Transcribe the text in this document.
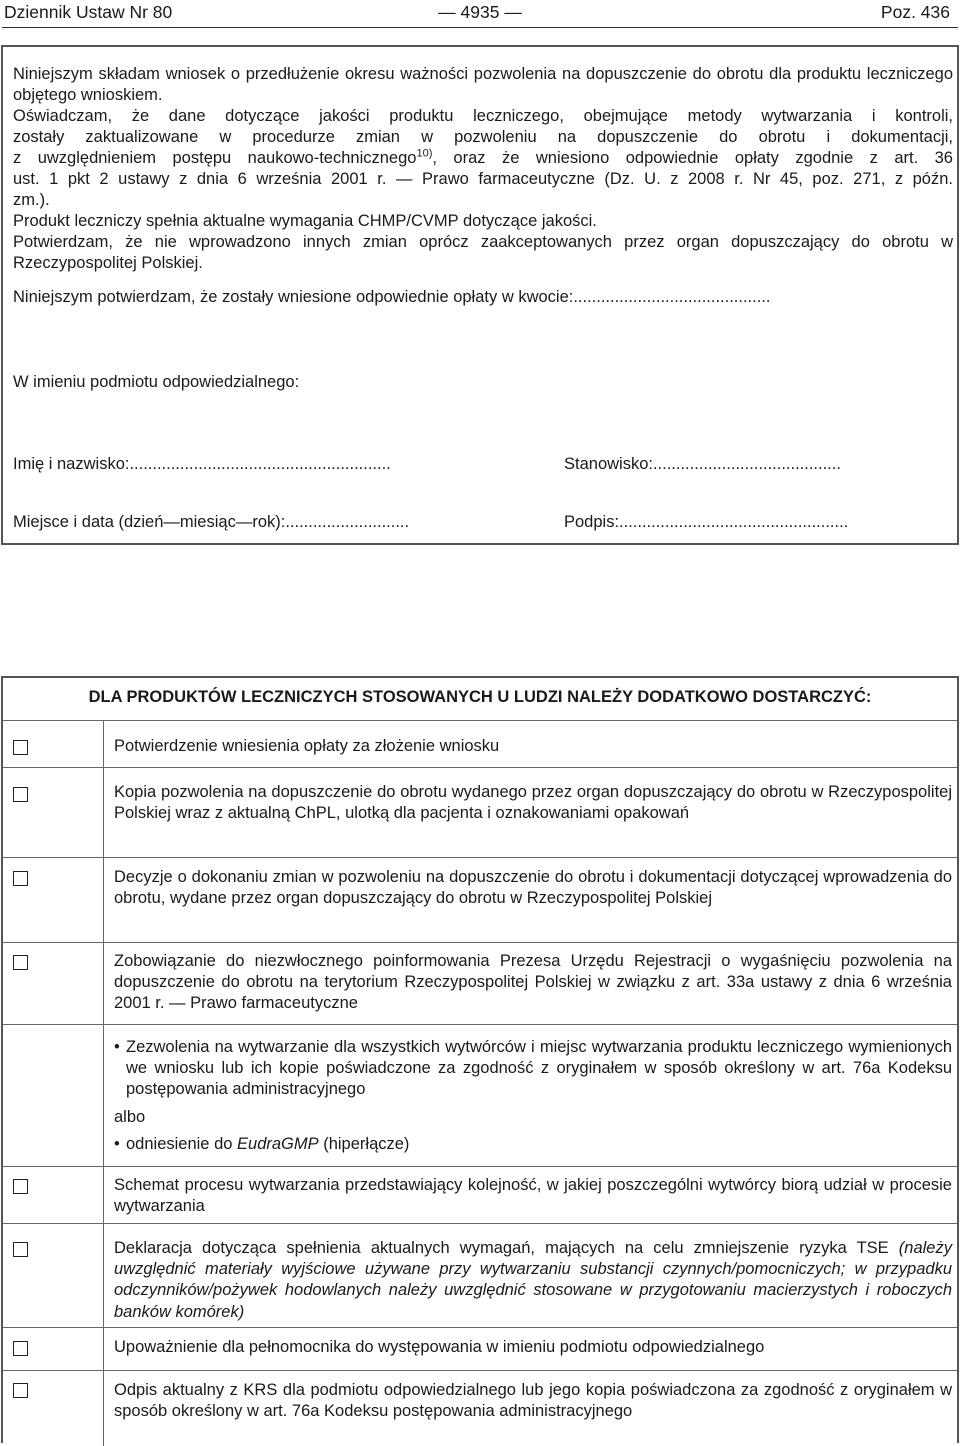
Dziennik Ustaw Nr 80	— 4935 —	Poz. 436

Niniejszym składam wniosek o przedłużenie okresu ważności pozwolenia na dopuszczenie do obrotu dla produktu leczniczego objętego wnioskiem.

Oświadczam, że dane dotyczące jakości produktu leczniczego, obejmujące metody wytwarzania i kontroli,

zostały zaktualizowane w procedurze zmian w pozwoleniu na dopuszczenie do obrotu i dokumentacji,

z uwzględnieniem postępu naukowo-technicznego$^{10)}$, oraz że wniesiono odpowiednie opłaty zgodnie z art. 36

ust. 1 pkt 2 ustawy z dnia 6 września 2001 r. — Prawo farmaceutyczne (Dz. U. z 2008 r. Nr 45, poz. 271, z późn.

zm.).

Produkt leczniczy spełnia aktualne wymagania CHMP/CVMP dotyczące jakości.

Potwierdzam, że nie wprowadzono innych zmian oprócz zaakceptowanych przez organ dopuszczający do obrotu w Rzeczypospolitej Polskiej.

Niniejszym potwierdzam, że zostały wniesione odpowiednie opłaty w kwocie:...........................................

W imieniu podmiotu odpowiedzialnego:

Imię i nazwisko:.........................................................	Stanowisko:.........................................
Miejsce i data (dzień—miesiąc—rok):...........................	Podpis:..................................................
DLA PRODUKTÓW LECZNICZYCH STOSOWANYCH U LUDZI NALEŻY DODATKOWO DOSTARCZYĆ:
Potwierdzenie wniesienia opłaty za złożenie wniosku
Kopia pozwolenia na dopuszczenie do obrotu wydanego przez organ dopuszczający do obrotu w Rzeczypospolitej Polskiej wraz z aktualną ChPL, ulotką dla pacjenta i oznakowaniami opakowań
Decyzje o dokonaniu zmian w pozwoleniu na dopuszczenie do obrotu i dokumentacji dotyczącej wprowadzenia do obrotu, wydane przez organ dopuszczający do obrotu w Rzeczypospolitej Polskiej
Zobowiązanie do niezwłocznego poinformowania Prezesa Urzędu Rejestracji o wygaśnięciu pozwolenia na dopuszczenie do obrotu na terytorium Rzeczypospolitej Polskiej w związku z art. 33a ustawy z dnia 6 września 2001 r. — Prawo farmaceutyczne

• Zezwolenia na wytwarzanie dla wszystkich wytwórców i miejsc wytwarzania produktu leczniczego wymienionych we wniosku lub ich kopie poświadczone za zgodność z oryginałem w sposób określony w art. 76a Kodeksu postępowania administracyjnego

albo

• odniesienie do EudraGMP (hiperłącze)

Schemat procesu wytwarzania przedstawiający kolejność, w jakiej poszczególni wytwórcy biorą udział w procesie wytwarzania
Deklaracja dotycząca spełnienia aktualnych wymagań, mających na celu zmniejszenie ryzyka TSE (należy uwzględnić materiały wyjściowe używane przy wytwarzaniu substancji czynnych/pomocniczych; w przypadku odczynników/pożywek hodowlanych należy uwzględnić stosowane w przygotowaniu macierzystych i roboczych banków komórek)
Upoważnienie dla pełnomocnika do występowania w imieniu podmiotu odpowiedzialnego
Odpis aktualny z KRS dla podmiotu odpowiedzialnego lub jego kopia poświadczona za zgodność z oryginałem w sposób określony w art. 76a Kodeksu postępowania administracyjnego
